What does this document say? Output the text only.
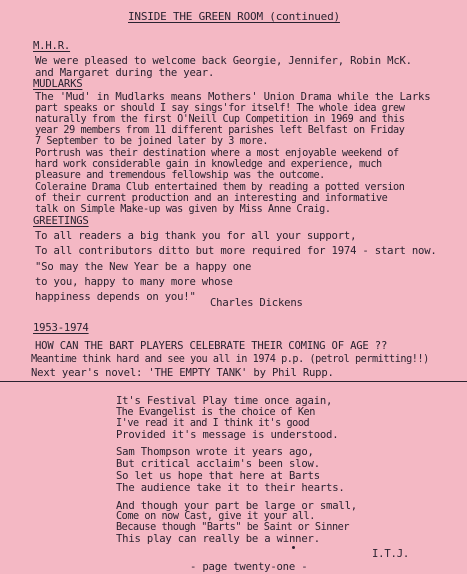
INSIDE THE GREEN ROOM (continued)
M.H.R.
We were pleased to welcome back Georgie, Jennifer, Robin McK.
and Margaret during the year.
MUDLARKS
The 'Mud' in Mudlarks means Mothers' Union Drama while the Larks
part speaks or should I say sings'for itself! The whole idea grew
naturally from the first O'Neill Cup Competition in 1969 and this
year 29 members from 11 different parishes left Belfast on Friday
7 September to be joined later by 3 more.
Portrush was their destination where a most enjoyable weekend of
hard work considerable gain in knowledge and experience, much
pleasure and tremendous fellowship was the outcome.
Coleraine Drama Club entertained them by reading a potted version
of their current production and an interesting and informative
talk on Simple Make-up was given by Miss Anne Craig.
GREETINGS
To all readers a big thank you for all your support,
To all contributors ditto but more required for 1974 - start now.
"So may the New Year be a happy one
to you, happy to many more whose
happiness depends on you!" Charles Dickens
1953-1974
HOW CAN THE BART PLAYERS CELEBRATE THEIR COMING OF AGE ??
Meantime think hard and see you all in 1974 p.p. (petrol permitting!!)
Next year's novel: 'THE EMPTY TANK' by Phil Rupp.
It's Festival Play time once again,
The Evangelist is the choice of Ken
I've read it and I think it's good
Provided it's message is understood.
Sam Thompson wrote it years ago,
But critical acclaim's been slow.
So let us hope that here at Barts
The audience take it to their hearts.
And though your part be large or small,
Come on now Cast, give it your all.
Because though "Barts" be Saint or Sinner
This play can really be a winner.
I.T.J.
- page twenty-one -
